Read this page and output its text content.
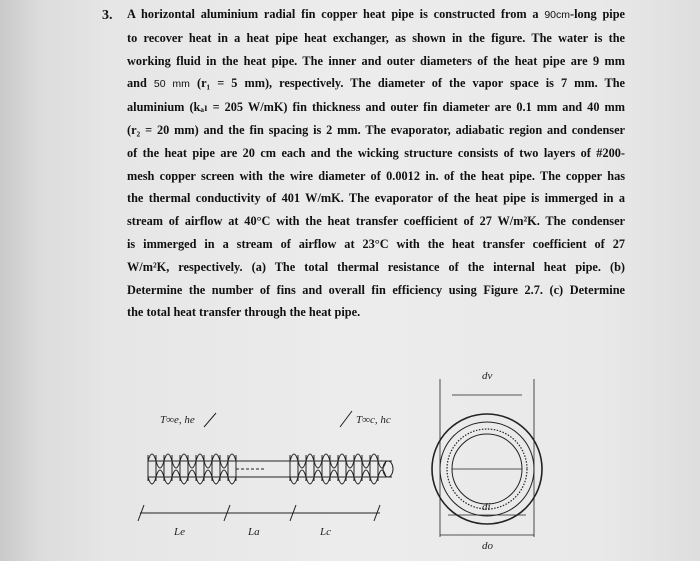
3. A horizontal aluminium radial fin copper heat pipe is constructed from a 90cm-long pipe
to recover heat in a heat pipe heat exchanger, as shown in the figure. The water is the
working fluid in the heat pipe. The inner and outer diameters of the heat pipe are 9 mm
and 50 mm (r₁ = 5 mm), respectively. The diameter of the vapor space is 7 mm. The
aluminium (kₐₗ = 205 W/mK) fin thickness and outer fin diameter are 0.1 mm and 40 mm
(r₂ = 20 mm) and the fin spacing is 2 mm. The evaporator, adiabatic region and condenser
of the heat pipe are 20 cm each and the wicking structure consists of two layers of #200-
mesh copper screen with the wire diameter of 0.0012 in. of the heat pipe. The copper has
the thermal conductivity of 401 W/mK. The evaporator of the heat pipe is immerged in a
stream of airflow at 40°C with the heat transfer coefficient of 27 W/m²K. The condenser
is immerged in a stream of airflow at 23°C with the heat transfer coefficient of 27
W/m²K, respectively. (a) The total thermal resistance of the internal heat pipe. (b)
Determine the number of fins and overall fin efficiency using Figure 2.7. (c) Determine
the total heat transfer through the heat pipe.
T∞e, he	T∞c, hc
Le	La	Lc
dv
di
do
